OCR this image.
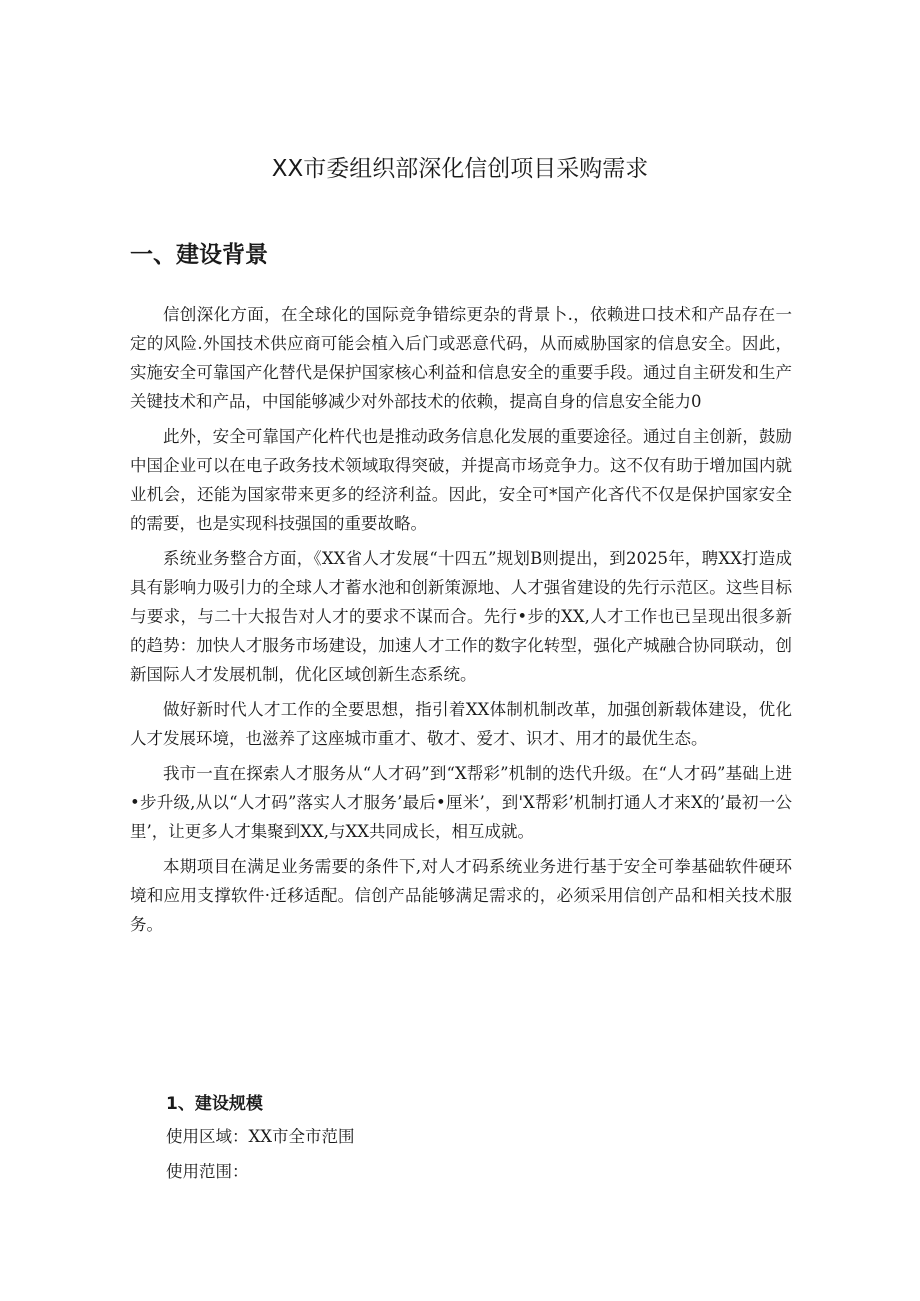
XX市委组织部深化信创项目采购需求
一、建设背景

信创深化方面，在全球化的国际竞争错综更杂的背景卜.，依赖进口技术和产品存在一定的风险.外国技术供应商可能会植入后门或恶意代码，从而威胁国家的信息安全。因此，实施安全可靠国产化替代是保护国家核心利益和信息安全的重要手段。通过自主研发和生产关键技术和产品，中国能够减少对外部技术的依赖，提高自身的信息安全能力0

此外，安全可靠国产化杵代也是推动政务信息化发展的重要途径。通过自主创新，鼓励中国企业可以在电子政务技术领域取得突破，并提高市场竞争力。这不仅有助于增加国内就业机会，还能为国家带来更多的经济利益。因此，安全可*国产化吝代不仅是保护国家安全的需要，也是实现科技强国的重要故略。

系统业务整合方面，《XX省人才发展“十四五”规划B则提出，到2025年，聘XX打造成具有影响力吸引力的全球人才蓄水池和创新策源地、人才强省建设的先行示范区。这些目标与要求，与二十大报告对人才的要求不谋而合。先行•步的XX,人才工作也已呈现出很多新的趋势：加快人才服务市场建设，加速人才工作的数字化转型，强化产城融合协同联动，创新国际人才发展机制，优化区域创新生态系统。

做好新时代人才工作的全要思想，指引着XX体制机制改革，加强创新载体建设，优化人才发展环境，也滋养了这座城市重才、敬才、爱才、识才、用才的最优生态。

我市一直在探索人才服务从“人才码”到“X帮彩”机制的迭代升级。在“人才码”基础上进•步升级,从以“人才码”落实人才服务’最后•厘米’，到'X帮彩’机制打通人才来X的’最初一公里’，让更多人才集聚到XX,与XX共同成长，相互成就。

本期项目在满足业务需要的条件下,对人才码系统业务进行基于安全可拳基础软件硬环境和应用支撑软件·迁移适配。信创产品能够满足需求的，必须采用信创产品和相关技术服务。

1、建设规模

使用区域：XX市全市范围

使用范围：
